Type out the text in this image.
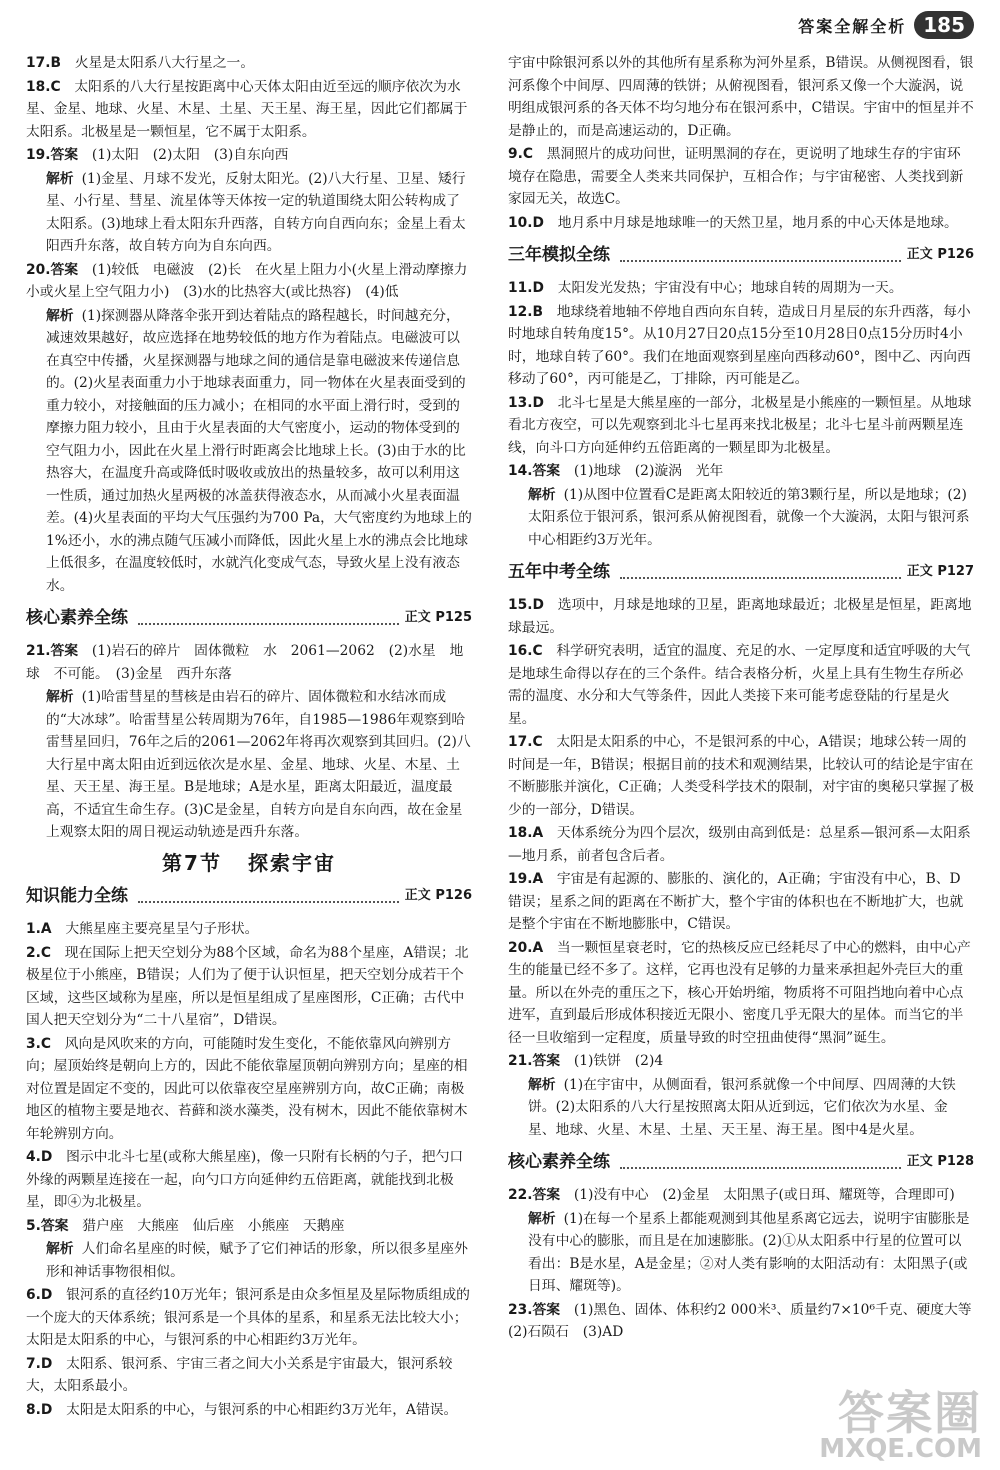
答案全解全析 185
17.B　 火星是太阳系八大行星之一。
18.C　 太阳系的八大行星按距离中心天体太阳由近至远的顺序依次为水星、金星、地球、火星、木星、土星、天王星、海王星，因此它们都属于太阳系。北极星是一颗恒星，它不属于太阳系。
19.答案　 (1)太阳　(2)太阳　(3)自东向西
解析 (1)金星、月球不发光，反射太阳光。(2)八大行星、卫星、矮行星、小行星、彗星、流星体等天体按一定的轨道围绕太阳公转构成了太阳系。(3)地球上看太阳东升西落，自转方向自西向东；金星上看太阳西升东落，故自转方向为自东向西。
20.答案　 (1)较低　电磁波　(2)长　在火星上阻力小(火星上滑动摩擦力小或火星上空气阻力小)　(3)水的比热容大(或比热容)　(4)低
解析 (1)探测器从降落伞张开到达着陆点的路程越长，时间越充分，减速效果越好，故应选择在地势较低的地方作为着陆点。电磁波可以在真空中传播，火星探测器与地球之间的通信是靠电磁波来传递信息的。(2)火星表面重力小于地球表面重力，同一物体在火星表面受到的重力较小，对接触面的压力减小；在相同的水平面上滑行时，受到的摩擦力阻力较小，且由于火星表面的大气密度小，运动的物体受到的空气阻力小，因此在火星上滑行时距离会比地球上长。(3)由于水的比热容大，在温度升高或降低时吸收或放出的热量较多，故可以利用这一性质，通过加热火星两极的冰盖获得液态水，从而减小火星表面温差。(4)火星表面的平均大气压强约为700 Pa，大气密度约为地球上的1%还小，水的沸点随气压减小而降低，因此火星上水的沸点会比地球上低很多，在温度较低时，水就汽化变成气态，导致火星上没有液态水。
核心素养全练	正文 P125
21.答案　 (1)岩石的碎片　固体微粒　水　2061—2062　(2)水星　地球　不可能。　(3)金星　西升东落
解析 (1)哈雷彗星的彗核是由岩石的碎片、固体微粒和水结冰而成的“大冰球”。哈雷彗星公转周期为76年，自1985—1986年观察到哈雷彗星回归，76年之后的2061—2062年将再次观察到其回归。(2)八大行星中离太阳由近到远依次是水星、金星、地球、火星、木星、土星、天王星、海王星。B是地球；A是水星，距离太阳最近，温度最高，不适宜生命生存。(3)C是金星，自转方向是自东向西，故在金星上观察太阳的周日视运动轨迹是西升东落。
第7节 探索宇宙
知识能力全练	正文 P126
1.A　 大熊星座主要亮星呈勺子形状。
2.C　 现在国际上把天空划分为88个区域，命名为88个星座，A错误；北极星位于小熊座，B错误；人们为了便于认识恒星，把天空划分成若干个区域，这些区域称为星座，所以是恒星组成了星座图形，C正确；古代中国人把天空划分为“二十八星宿”，D错误。
3.C　 风向是风吹来的方向，可能随时发生变化，不能依靠风向辨别方向；屋顶始终是朝向上方的，因此不能依靠屋顶朝向辨别方向；星座的相对位置是固定不变的，因此可以依靠夜空星座辨别方向，故C正确；南极地区的植物主要是地衣、苔藓和淡水藻类，没有树木，因此不能依靠树木年轮辨别方向。
4.D　 图示中北斗七星(或称大熊星座)，像一只附有长柄的勺子，把勺口外缘的两颗星连接在一起，向勺口方向延伸约五倍距离，就能找到北极星，即④为北极星。
5.答案　 猎户座　大熊座　仙后座　小熊座　天鹅座
解析 人们命名星座的时候，赋予了它们神话的形象，所以很多星座外形和神话事物很相似。
6.D　 银河系的直径约10万光年；银河系是由众多恒星及星际物质组成的一个庞大的天体系统；银河系是一个具体的星系，和星系无法比较大小；太阳是太阳系的中心，与银河系的中心相距约3万光年。
7.D　 太阳系、银河系、宇宙三者之间大小关系是宇宙最大，银河系较大，太阳系最小。
8.D　 太阳是太阳系的中心，与银河系的中心相距约3万光年，A错误。
宇宙中除银河系以外的其他所有星系称为河外星系，B错误。从侧视图看，银河系像个中间厚、四周薄的铁饼；从俯视图看，银河系又像一个大漩涡，说明组成银河系的各天体不均匀地分布在银河系中，C错误。宇宙中的恒星并不是静止的，而是高速运动的，D正确。
9.C　 黑洞照片的成功问世，证明黑洞的存在，更说明了地球生存的宇宙环境存在隐患，需要全人类来共同保护，互相合作；与宇宙秘密、人类找到新家园无关，故选C。
10.D　 地月系中月球是地球唯一的天然卫星，地月系的中心天体是地球。
三年模拟全练	正文 P126
11.D　 太阳发光发热；宇宙没有中心；地球自转的周期为一天。
12.B　 地球绕着地轴不停地自西向东自转，造成日月星辰的东升西落，每小时地球自转角度15°。从10月27日20点15分至10月28日0点15分历时4小时，地球自转了60°。我们在地面观察到星座向西移动60°，图中乙、丙向西移动了60°，丙可能是乙，丁排除，丙可能是乙。
13.D　 北斗七星是大熊星座的一部分，北极星是小熊座的一颗恒星。从地球看北方夜空，可以先观察到北斗七星再来找北极星；北斗七星斗前两颗星连线，向斗口方向延伸约五倍距离的一颗星即为北极星。
14.答案　 (1)地球　(2)漩涡　光年
解析 (1)从图中位置看C是距离太阳较近的第3颗行星，所以是地球；(2)太阳系位于银河系，银河系从俯视图看，就像一个大漩涡，太阳与银河系中心相距约3万光年。
五年中考全练	正文 P127
15.D　 选项中，月球是地球的卫星，距离地球最近；北极星是恒星，距离地球最远。
16.C　 科学研究表明，适宜的温度、充足的水、一定厚度和适宜呼吸的大气是地球生命得以存在的三个条件。结合表格分析，火星上具有生物生存所必需的温度、水分和大气等条件，因此人类接下来可能考虑登陆的行星是火星。
17.C　 太阳是太阳系的中心，不是银河系的中心，A错误；地球公转一周的时间是一年，B错误；根据目前的技术和观测结果，比较认可的结论是宇宙在不断膨胀并演化，C正确；人类受科学技术的限制，对宇宙的奥秘只掌握了极少的一部分，D错误。
18.A　 天体系统分为四个层次，级别由高到低是：总星系—银河系—太阳系—地月系，前者包含后者。
19.A　 宇宙是有起源的、膨胀的、演化的，A正确；宇宙没有中心，B、D错误；星系之间的距离在不断扩大，整个宇宙的体积也在不断地扩大，也就是整个宇宙在不断地膨胀中，C错误。
20.A　 当一颗恒星衰老时，它的热核反应已经耗尽了中心的燃料，由中心产生的能量已经不多了。这样，它再也没有足够的力量来承担起外壳巨大的重量。所以在外壳的重压之下，核心开始坍缩，物质将不可阻挡地向着中心点进军，直到最后形成体积接近无限小、密度几乎无限大的星体。而当它的半径一旦收缩到一定程度，质量导致的时空扭曲使得“黑洞”诞生。
21.答案　 (1)铁饼　(2)4
解析 (1)在宇宙中，从侧面看，银河系就像一个中间厚、四周薄的大铁饼。(2)太阳系的八大行星按照离太阳从近到远，它们依次为水星、金星、地球、火星、木星、土星、天王星、海王星。图中4是火星。
核心素养全练	正文 P128
22.答案　 (1)没有中心　(2)金星　太阳黑子(或日珥、耀斑等，合理即可)
解析 (1)在每一个星系上都能观测到其他星系离它远去，说明宇宙膨胀是没有中心的膨胀，而且是在加速膨胀。(2)①从太阳系中行星的位置可以看出：B是水星，A是金星；②对人类有影响的太阳活动有：太阳黑子(或日珥、耀斑等)。
23.答案　 (1)黑色、固体、体积约2 000米³、质量约7×10⁶千克、硬度大等　(2)石陨石　(3)AD
答案圈
MXQE.COM
